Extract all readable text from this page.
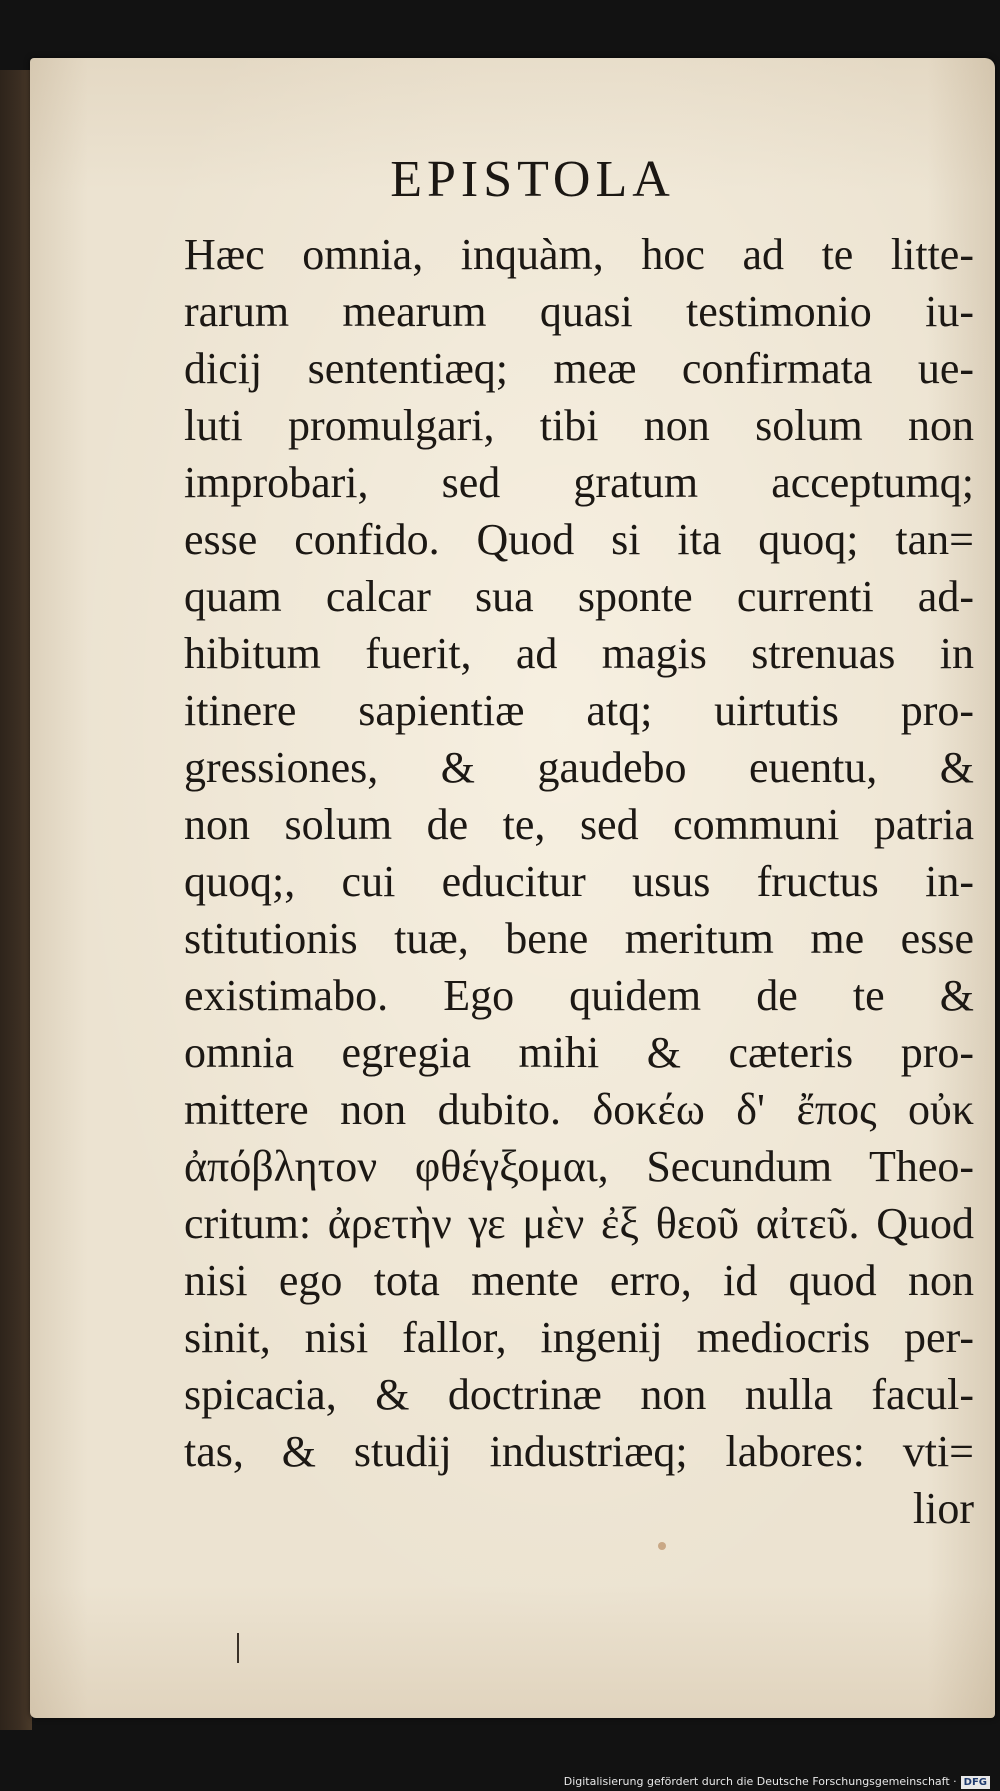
EPISTOLA
Hæc omnia, inquàm, hoc ad te litte-
rarum mearum quasi testimonio iu-
dicij sententiæq; meæ confirmata ue-
luti promulgari, tibi non solum non
improbari, sed gratum acceptumq;
esse confido. Quod si ita quoq; tan=
quam calcar sua sponte currenti ad-
hibitum fuerit, ad magis strenuas in
itinere sapientiæ atq; uirtutis pro-
gressiones, & gaudebo euentu, &
non solum de te, sed communi patria
quoq;, cui educitur usus fructus in-
stitutionis tuæ, bene meritum me esse
existimabo. Ego quidem de te &
omnia egregia mihi & cæteris pro-
mittere non dubito. δοκέω δ' ἔπος οὐκ
ἀπόβλητον φθέγξομαι, Secundum Theo-
critum: ἀρετὴν γε μὲν ἐξ θεοῦ αἰτεῦ. Quod
nisi ego tota mente erro, id quod non
sinit, nisi fallor, ingenij mediocris per-
spicacia, & doctrinæ non nulla facul-
tas, & studij industriæq; labores: vti=
lior
Digitalisierung gefördert durch die Deutsche Forschungsgemeinschaft · DFG
